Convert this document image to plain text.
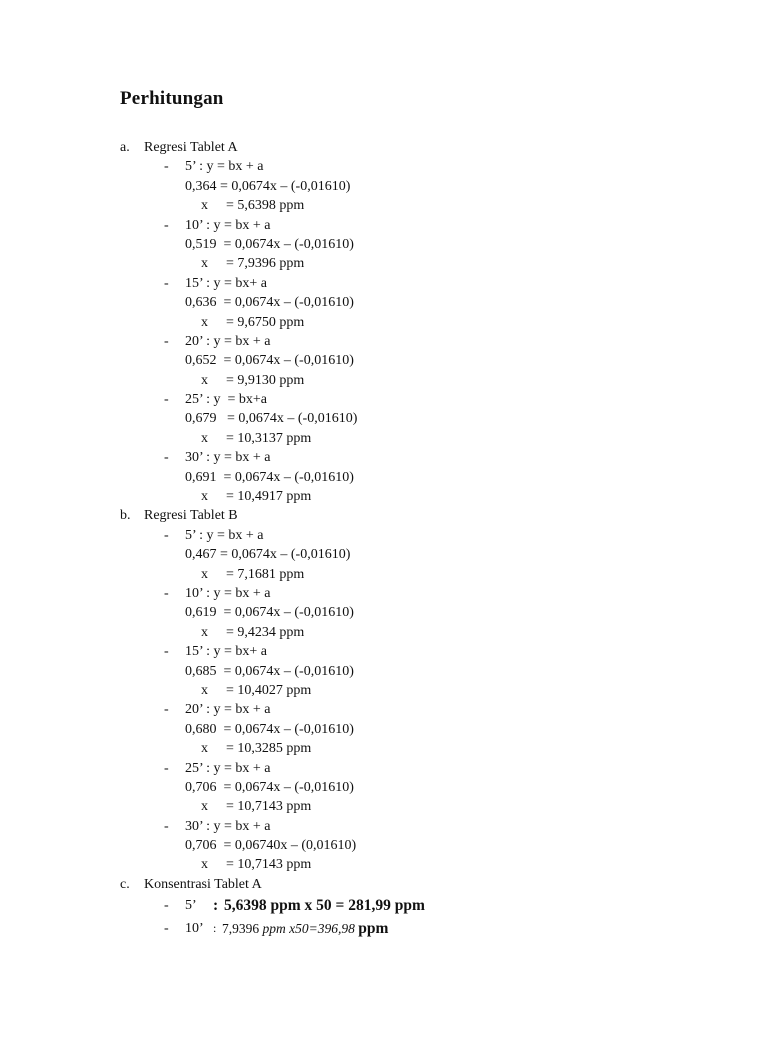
Perhitungan

a.

Regresi Tablet A

- 5’ : y = bx + a
0,364 = 0,0674x – (-0,01610)
x = 5,6398 ppm
- 10’ : y = bx + a
0,519  = 0,0674x – (-0,01610)
x = 7,9396 ppm
- 15’ : y = bx+ a
0,636  = 0,0674x – (-0,01610)
x = 9,6750 ppm
- 20’ : y = bx + a
0,652  = 0,0674x – (-0,01610)
x = 9,9130 ppm
- 25’ : y  = bx+a
0,679   = 0,0674x – (-0,01610)
x = 10,3137 ppm
- 30’ : y = bx + a
0,691  = 0,0674x – (-0,01610)
x = 10,4917 ppm

b.

Regresi Tablet B

- 5’ : y = bx + a
0,467 = 0,0674x – (-0,01610)
x = 7,1681 ppm
- 10’ : y = bx + a
0,619  = 0,0674x – (-0,01610)
x = 9,4234 ppm
- 15’ : y = bx+ a
0,685  = 0,0674x – (-0,01610)
x = 10,4027 ppm
- 20’ : y = bx + a
0,680  = 0,0674x – (-0,01610)
x = 10,3285 ppm
- 25’ : y = bx + a
0,706  = 0,0674x – (-0,01610)
x = 10,7143 ppm
- 30’ : y = bx + a
0,706  = 0,06740x – (0,01610)
x = 10,7143 ppm

c.

Konsentrasi Tablet A

-

5’

:

5,6398 ppm x 50 = 281,99 ppm

-

10’

:

7,9396 ppm x50=396,98 ppm
